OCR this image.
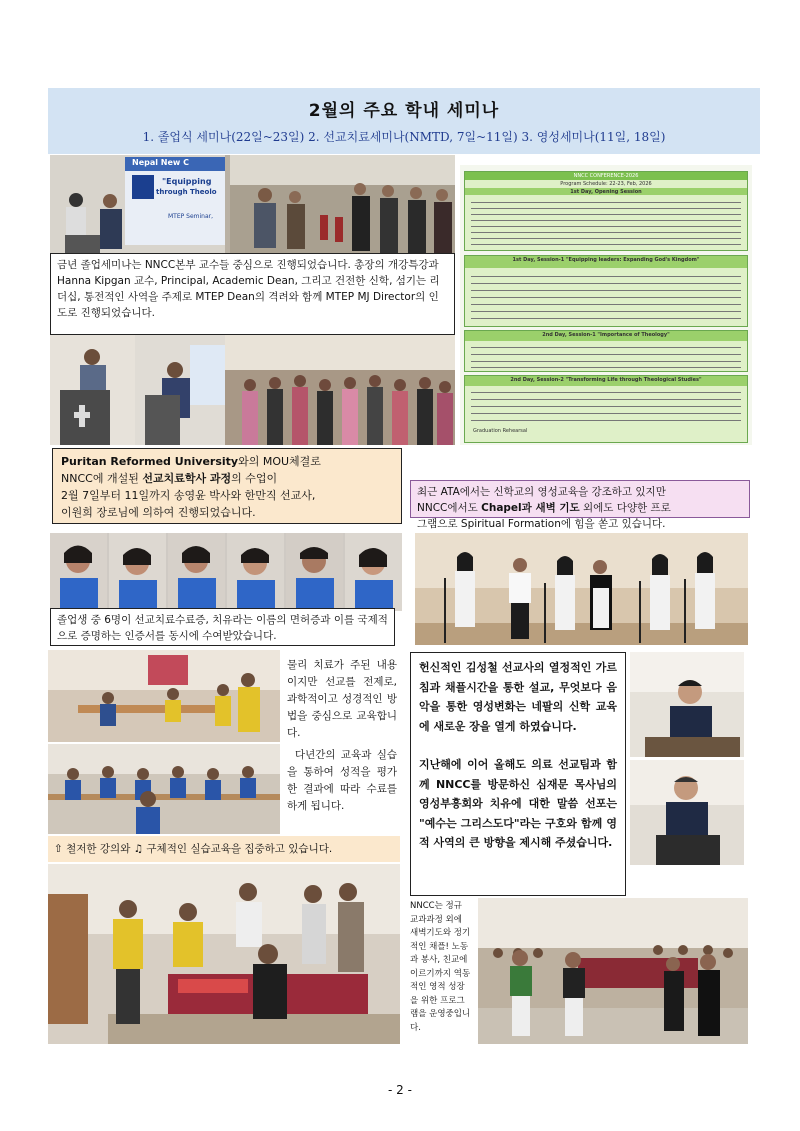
2월의 주요 학내 세미나
1. 졸업식 세미나(22일~23일) 2. 선교치료세미나(NMTD, 7일~11일) 3. 영성세미나(11일, 18일)
Nepal New C
"Equipping
through Theolo
MTEP Seminar,
금년 졸업세미나는 NNCC본부 교수들 중심으로 진행되었습니다. 총장의 개강특강과 Hanna Kipgan 교수, Principal, Academic Dean, 그리고 건전한 신학, 섬기는 리더십, 통전적인 사역을 주제로 MTEP Dean의 격려와 함께 MTEP MJ Director의 인도로 진행되었습니다.
NNCC CONFERENCE-2026
Program Schedule: 22-23, Feb, 2026
1st Day, Opening Session
1st Day, Session-1 "Equipping leaders: Expanding God's Kingdom"
2nd Day, Session-1 "Importance of Theology"
2nd Day, Session-2 "Transforming Life through Theological Studies"
Graduation Rehearsal
Puritan Reformed University와의 MOU체결로
NNCC에 개설된 선교치료학사 과정의 수업이
2월 7일부터 11일까지 송영윤 박사와 한만직 선교사,
이원희 장로님에 의하여 진행되었습니다.
최근 ATA에서는 신학교의 영성교육을 강조하고 있지만
NNCC에서도 Chapel과 새벽 기도 외에도 다양한 프로
그램으로 Spiritual Formation에 힘을 쏟고 있습니다.
졸업생 중 6명이 선교치료수료증, 치유라는 이름의 면허증과 이를 국제적으로 증명하는 인증서를 동시에 수여받았습니다.
물리 치료가 주된 내용이지만 선교를 전제로, 과학적이고 성경적인 방법을 중심으로 교육합니다.
다년간의 교육과 실습을 통하여 성적을 평가한 결과에 따라 수료를 하게 됩니다.
⇧ 철저한 강의와 ♫ 구체적인 실습교육을 집중하고 있습니다.
헌신적인 김성철 선교사의 열정적인 가르침과 채플시간을 통한 설교, 무엇보다 음악을 통한 영성변화는 네팔의 신학 교육에 새로운 장을 열게 하였습니다.
지난해에 이어 올해도 의료 선교팀과 함께 NNCC를 방문하신 심재문 목사님의 영성부흥회와 치유에 대한 말씀 선포는 "예수는 그리스도다"라는 구호와 함께 영적 사역의 큰 방향을 제시해 주셨습니다.
NNCC는 정규 교과과정 외에 새벽기도와 정기적인 채플! 노동과 봉사, 친교에 이르기까지 역동적인 영적 성장을 위한 프로그램을 운영중입니다.
- 2 -
